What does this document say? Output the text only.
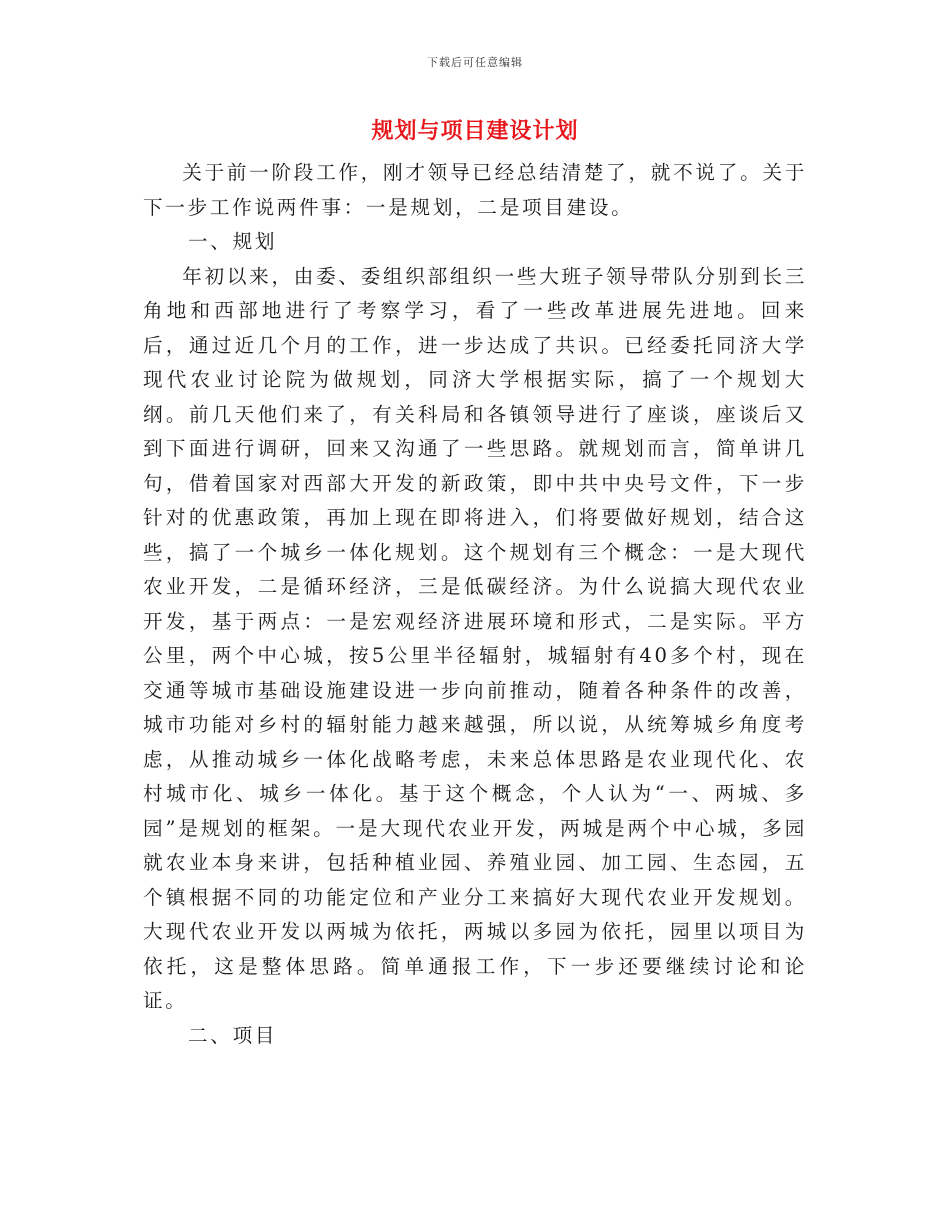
下载后可任意编辑
规划与项目建设计划

关于前一阶段工作，刚才领导已经总结清楚了，就不说了。关于下一步工作说两件事：一是规划，二是项目建设。

一、规划

年初以来，由委、委组织部组织一些大班子领导带队分别到长三角地和西部地进行了考察学习，看了一些改革进展先进地。回来后，通过近几个月的工作，进一步达成了共识。已经委托同济大学现代农业讨论院为做规划，同济大学根据实际，搞了一个规划大纲。前几天他们来了，有关科局和各镇领导进行了座谈，座谈后又到下面进行调研，回来又沟通了一些思路。就规划而言，简单讲几句，借着国家对西部大开发的新政策，即中共中央号文件，下一步针对的优惠政策，再加上现在即将进入，们将要做好规划，结合这些，搞了一个城乡一体化规划。这个规划有三个概念：一是大现代农业开发，二是循环经济，三是低碳经济。为什么说搞大现代农业开发，基于两点：一是宏观经济进展环境和形式，二是实际。平方公里，两个中心城，按5公里半径辐射，城辐射有40多个村，现在交通等城市基础设施建设进一步向前推动，随着各种条件的改善，城市功能对乡村的辐射能力越来越强，所以说，从统筹城乡角度考虑，从推动城乡一体化战略考虑，未来总体思路是农业现代化、农村城市化、城乡一体化。基于这个概念，个人认为“一、两城、多园”是规划的框架。一是大现代农业开发，两城是两个中心城，多园就农业本身来讲，包括种植业园、养殖业园、加工园、生态园，五个镇根据不同的功能定位和产业分工来搞好大现代农业开发规划。大现代农业开发以两城为依托，两城以多园为依托，园里以项目为依托，这是整体思路。简单通报工作，下一步还要继续讨论和论证。

二、项目
